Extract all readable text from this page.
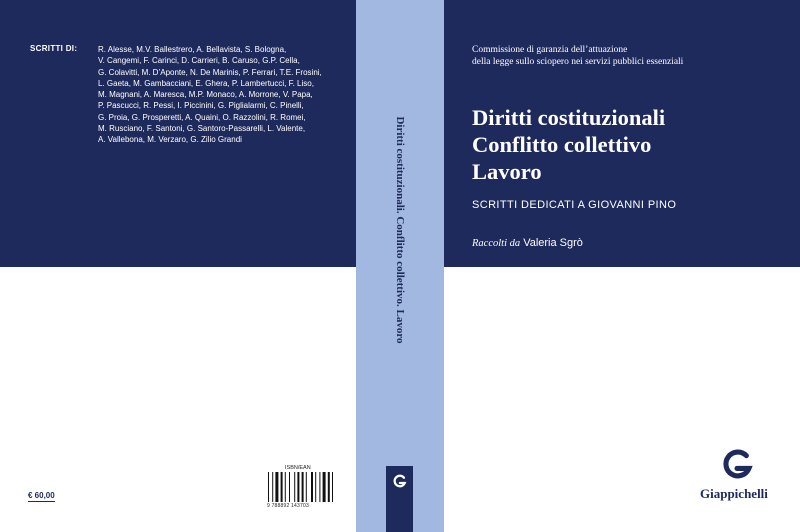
SCRITTI DI:	R. Alesse, M.V. Ballestrero, A. Bellavista, S. Bologna,
V. Cangemi, F. Carinci, D. Carrieri, B. Caruso, G.P. Cella,
G. Colavitti, M. D’Aponte, N. De Marinis, P. Ferrari, T.E. Frosini,
L. Gaeta, M. Gambacciani, E. Ghera, P. Lambertucci, F. Liso,
M. Magnani, A. Maresca, M.P. Monaco, A. Morrone, V. Papa,
P. Pascucci, R. Pessi, I. Piccinini, G. Piglialarmi, C. Pinelli,
G. Proia, G. Prosperetti, A. Quaini, O. Razzolini, R. Romei,
M. Rusciano, F. Santoni, G. Santoro-Passarelli, L. Valente,
A. Vallebona, M. Verzaro, G. Zilio Grandi
Commissione di garanzia dell’attuazione
della legge sullo sciopero nei servizi pubblici essenziali
Diritti costituzionali
Conflitto collettivo
Lavoro
SCRITTI DEDICATI A GIOVANNI PINO
Raccolti da Valeria Sgrò
Diritti costituzionali. Conflitto collettivo. Lavoro
ISBN/EAN
9 788892 143703
€ 60,00	Giappichelli
